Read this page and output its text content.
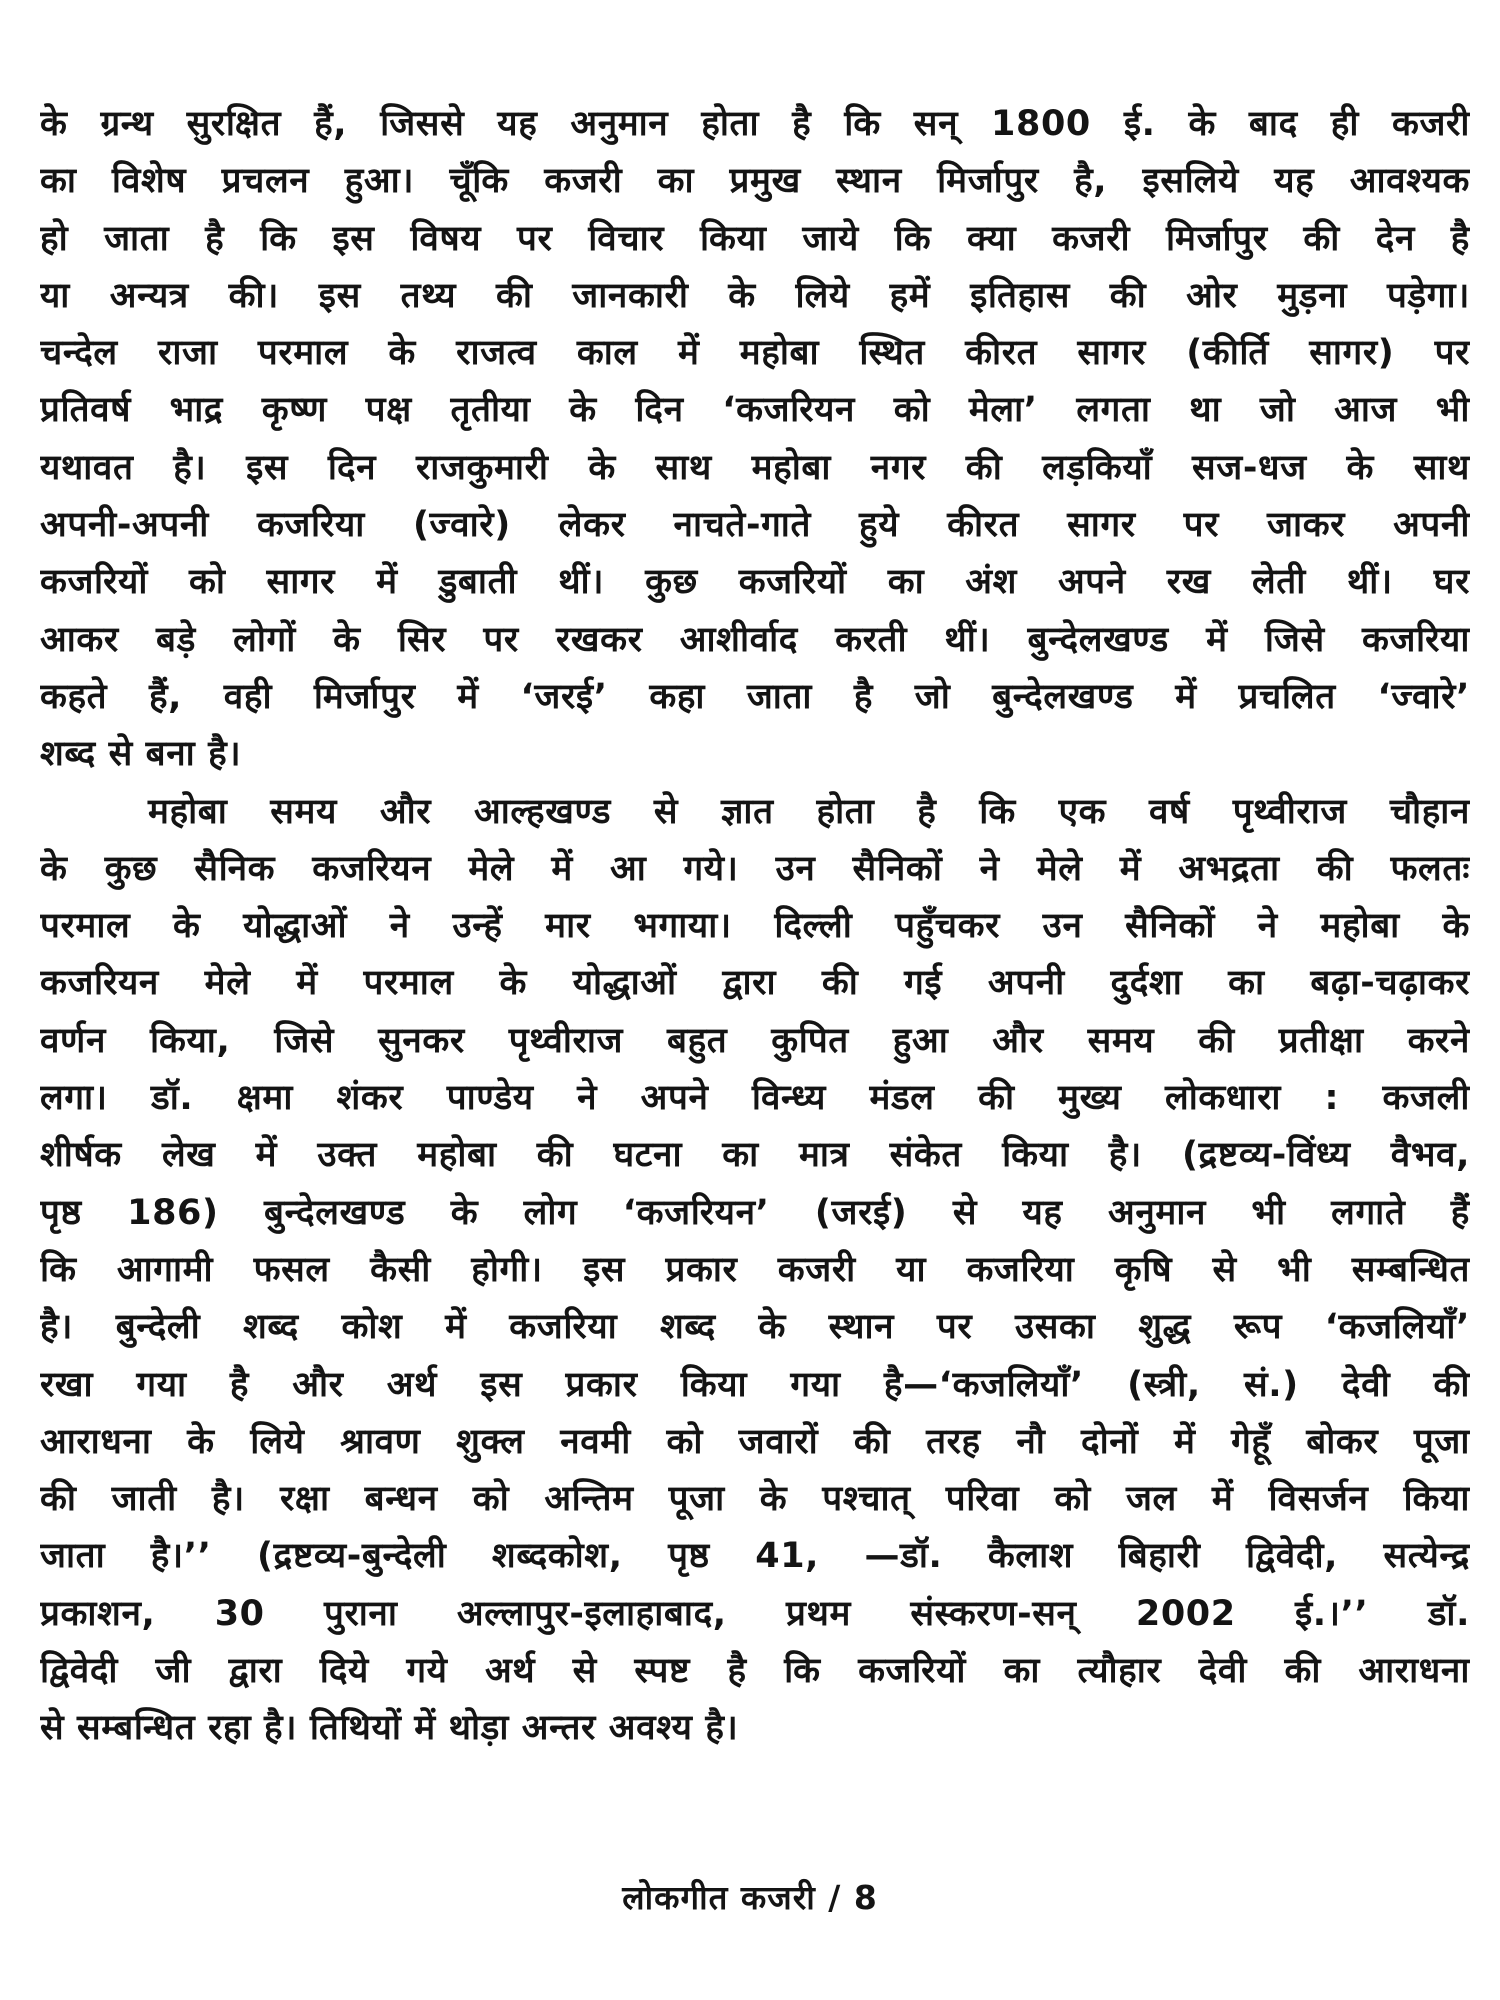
के ग्रन्थ सुरक्षित हैं, जिससे यह अनुमान होता है कि सन् 1800 ई. के बाद ही कजरी
का विशेष प्रचलन हुआ। चूँकि कजरी का प्रमुख स्थान मिर्जापुर है, इसलिये यह आवश्यक
हो जाता है कि इस विषय पर विचार किया जाये कि क्या कजरी मिर्जापुर की देन है
या अन्यत्र की। इस तथ्य की जानकारी के लिये हमें इतिहास की ओर मुड़ना पड़ेगा।
चन्देल राजा परमाल के राजत्व काल में महोबा स्थित कीरत सागर (कीर्ति सागर) पर
प्रतिवर्ष भाद्र कृष्ण पक्ष तृतीया के दिन ‘कजरियन को मेला’ लगता था जो आज भी
यथावत है। इस दिन राजकुमारी के साथ महोबा नगर की लड़कियाँ सज-धज के साथ
अपनी-अपनी कजरिया (ज्वारे) लेकर नाचते-गाते हुये कीरत सागर पर जाकर अपनी
कजरियों को सागर में डुबाती थीं। कुछ कजरियों का अंश अपने रख लेती थीं। घर
आकर बड़े लोगों के सिर पर रखकर आशीर्वाद करती थीं। बुन्देलखण्ड में जिसे कजरिया
कहते हैं, वही मिर्जापुर में ‘जरई’ कहा जाता है जो बुन्देलखण्ड में प्रचलित ‘ज्वारे’
शब्द से बना है।
महोबा समय और आल्हखण्ड से ज्ञात होता है कि एक वर्ष पृथ्वीराज चौहान
के कुछ सैनिक कजरियन मेले में आ गये। उन सैनिकों ने मेले में अभद्रता की फलतः
परमाल के योद्धाओं ने उन्हें मार भगाया। दिल्ली पहुँचकर उन सैनिकों ने महोबा के
कजरियन मेले में परमाल के योद्धाओं द्वारा की गई अपनी दुर्दशा का बढ़ा-चढ़ाकर
वर्णन किया, जिसे सुनकर पृथ्वीराज बहुत कुपित हुआ और समय की प्रतीक्षा करने
लगा। डॉ. क्षमा शंकर पाण्डेय ने अपने विन्ध्य मंडल की मुख्य लोकधारा : कजली
शीर्षक लेख में उक्त महोबा की घटना का मात्र संकेत किया है। (द्रष्टव्य-विंध्य वैभव,
पृष्ठ 186) बुन्देलखण्ड के लोग ‘कजरियन’ (जरई) से यह अनुमान भी लगाते हैं
कि आगामी फसल कैसी होगी। इस प्रकार कजरी या कजरिया कृषि से भी सम्बन्धित
है। बुन्देली शब्द कोश में कजरिया शब्द के स्थान पर उसका शुद्ध रूप ‘कजलियाँ’
रखा गया है और अर्थ इस प्रकार किया गया है—‘कजलियाँ’ (स्त्री, सं.) देवी की
आराधना के लिये श्रावण शुक्ल नवमी को जवारों की तरह नौ दोनों में गेहूँ बोकर पूजा
की जाती है। रक्षा बन्धन को अन्तिम पूजा के पश्चात् परिवा को जल में विसर्जन किया
जाता है।’’ (द्रष्टव्य-बुन्देली शब्दकोश, पृष्ठ 41, —डॉ. कैलाश बिहारी द्विवेदी, सत्येन्द्र
प्रकाशन, 30 पुराना अल्लापुर-इलाहाबाद, प्रथम संस्करण-सन् 2002 ई.।’’ डॉ.
द्विवेदी जी द्वारा दिये गये अर्थ से स्पष्ट है कि कजरियों का त्यौहार देवी की आराधना
से सम्बन्धित रहा है। तिथियों में थोड़ा अन्तर अवश्य है।
लोकगीत कजरी / 8
